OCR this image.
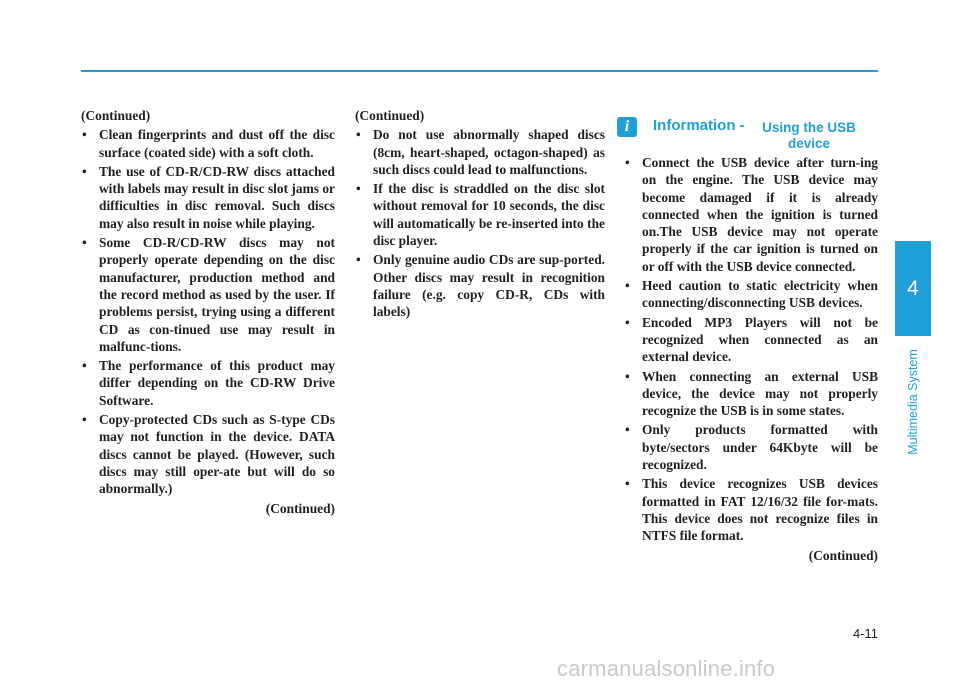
(Continued)
• Clean fingerprints and dust off the disc surface (coated side) with a soft cloth.
• The use of CD-R/CD-RW discs attached with labels may result in disc slot jams or difficulties in disc removal. Such discs may also result in noise while playing.
• Some CD-R/CD-RW discs may not properly operate depending on the disc manufacturer, production method and the record method as used by the user. If problems persist, trying using a different CD as con-tinued use may result in malfunc-tions.
• The performance of this product may differ depending on the CD-RW Drive Software.
• Copy-protected CDs such as S-type CDs may not function in the device. DATA discs cannot be played. (However, such discs may still oper-ate but will do so abnormally.)
(Continued)
(Continued)
• Do not use abnormally shaped discs (8cm, heart-shaped, octagon-shaped) as such discs could lead to malfunctions.
• If the disc is straddled on the disc slot without removal for 10 seconds, the disc will automatically be re-inserted into the disc player.
• Only genuine audio CDs are sup-ported. Other discs may result in recognition failure (e.g. copy CD-R, CDs with labels)
i	Information -	Using the USB device
• Connect the USB device after turn-ing on the engine. The USB device may become damaged if it is already connected when the ignition is turned on.The USB device may not operate properly if the car ignition is turned on or off with the USB device connected.
• Heed caution to static electricity when connecting/disconnecting USB devices.
• Encoded MP3 Players will not be recognized when connected as an external device.
• When connecting an external USB device, the device may not properly recognize the USB is in some states.
• Only products formatted with byte/sectors under 64Kbyte will be recognized.
• This device recognizes USB devices formatted in FAT 12/16/32 file for-mats. This device does not recognize files in NTFS file format.
(Continued)
4
Multimedia System
4-11
carmanualsonline.info
